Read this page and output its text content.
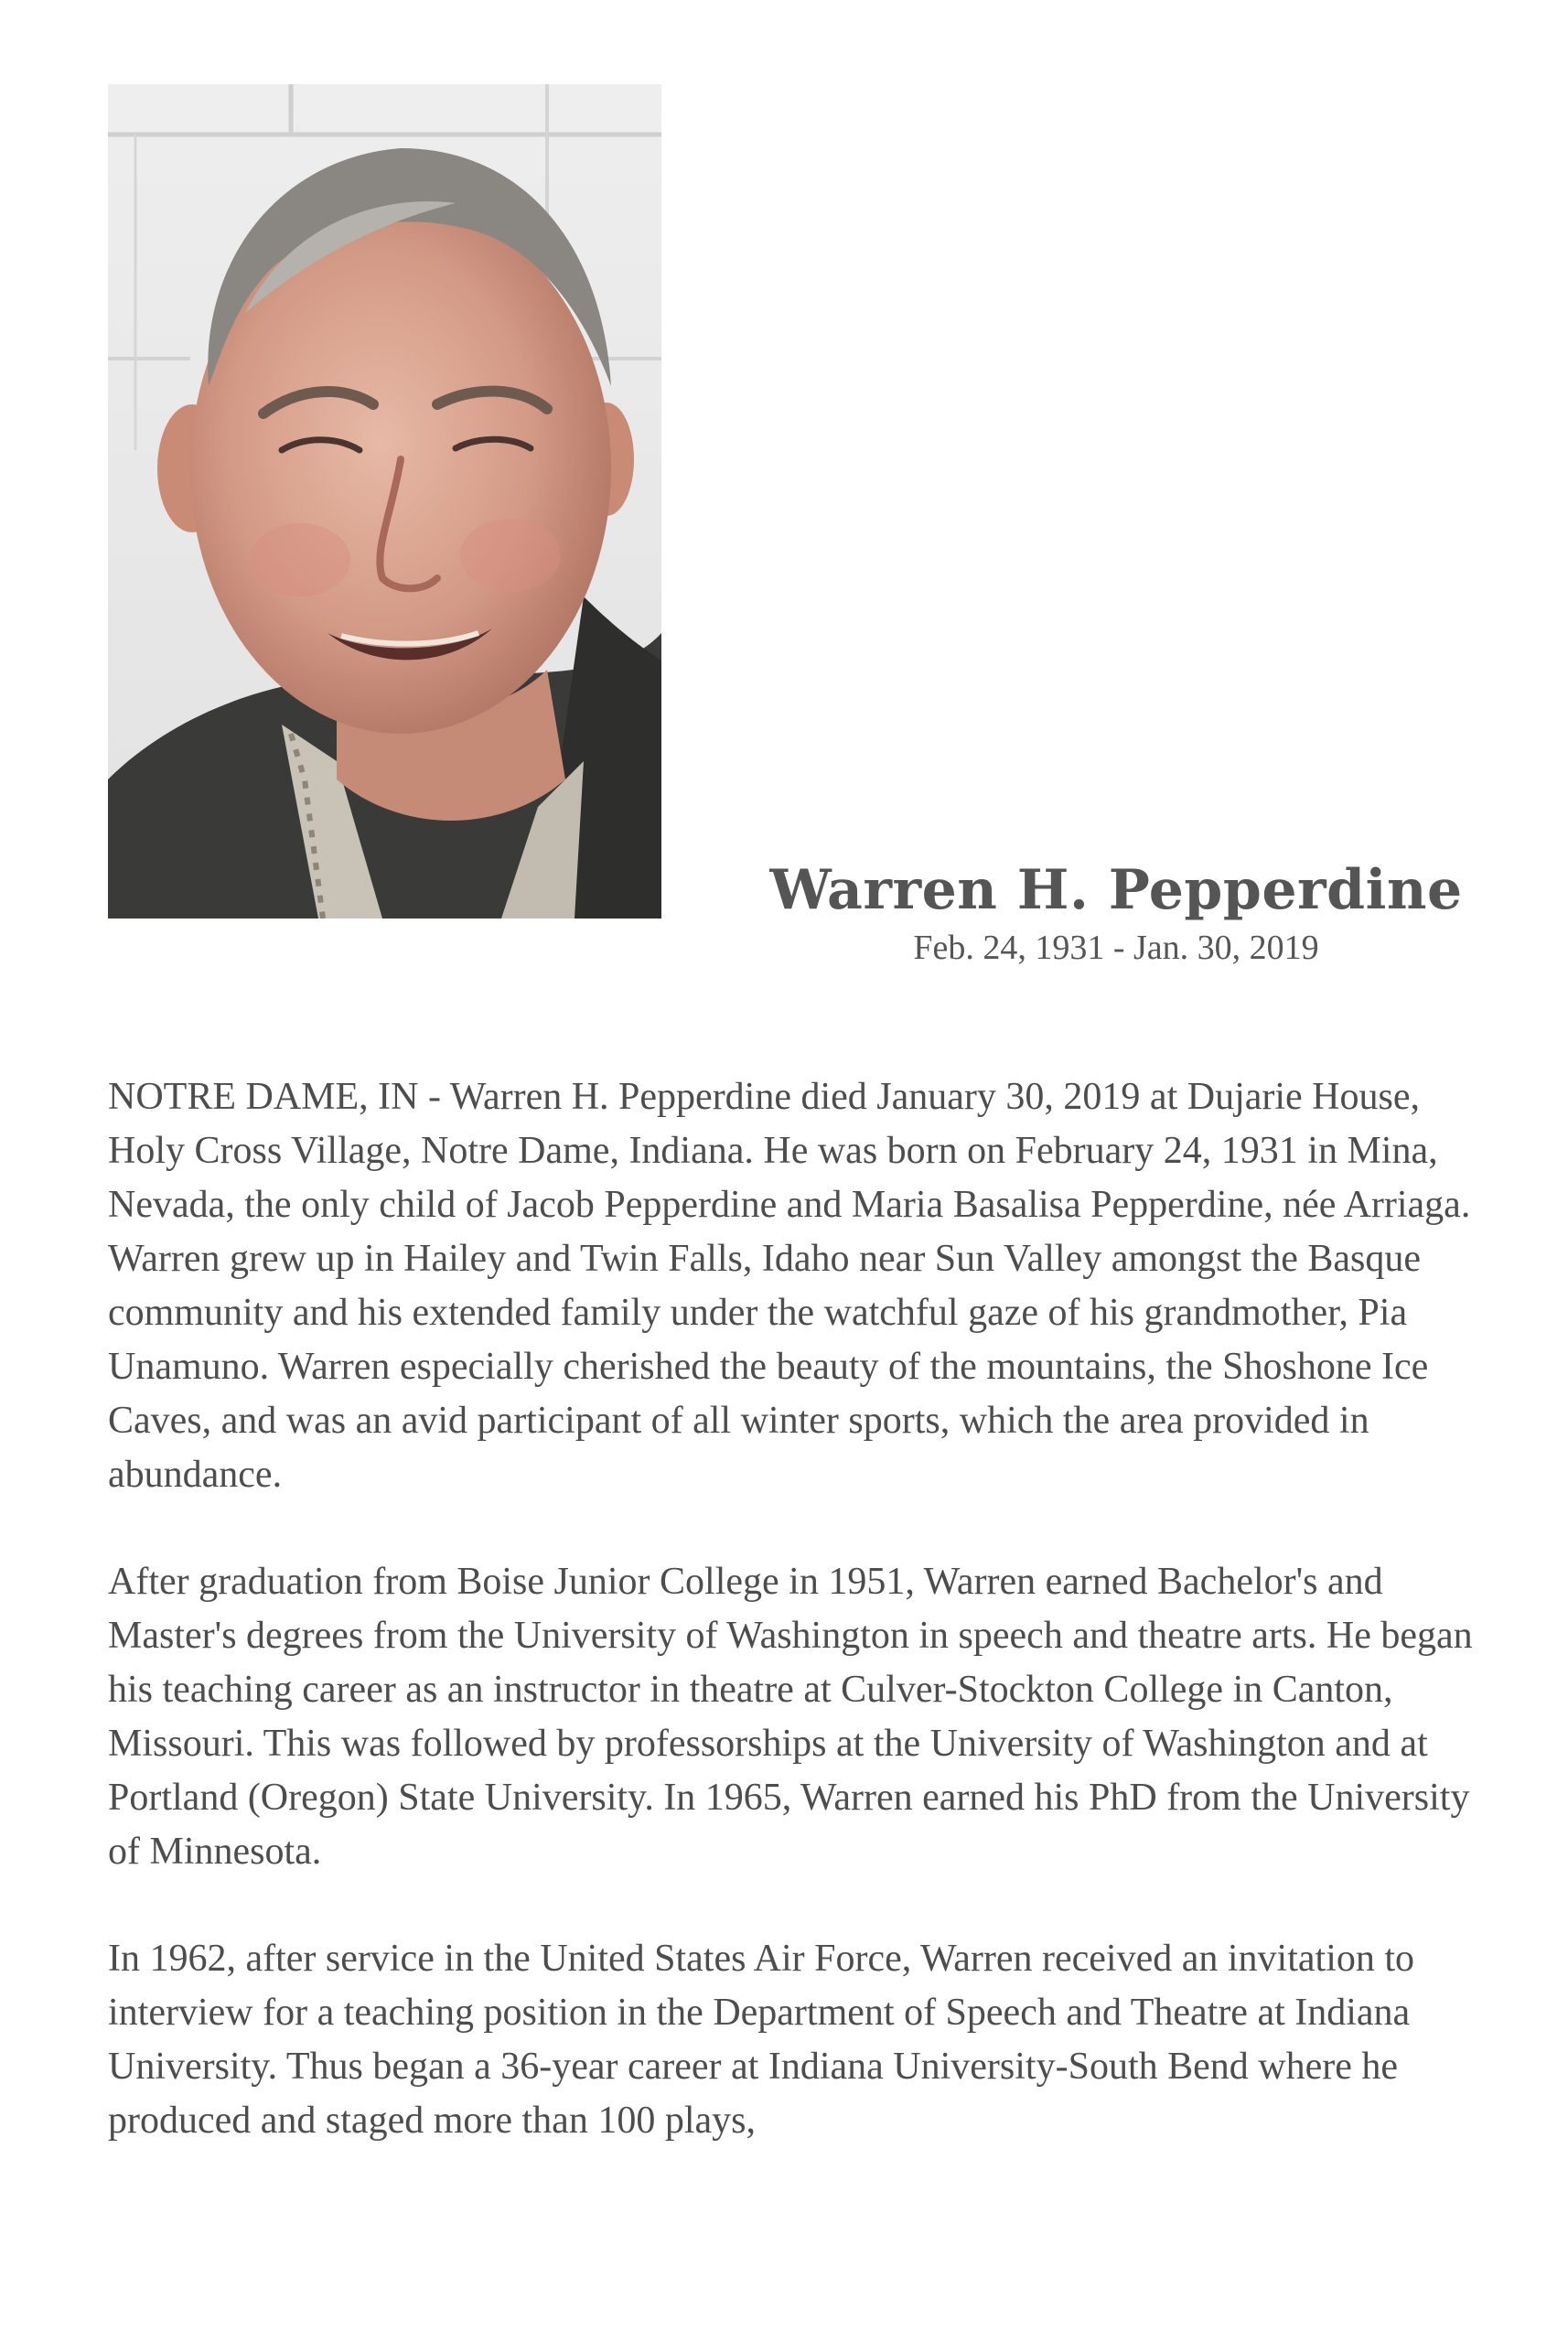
Warren H. Pepperdine
Feb. 24, 1931 - Jan. 30, 2019

NOTRE DAME, IN - Warren H. Pepperdine died January 30, 2019 at Dujarie House, Holy Cross Village, Notre Dame, Indiana. He was born on February 24, 1931 in Mina, Nevada, the only child of Jacob Pepperdine and Maria Basalisa Pepperdine, née Arriaga. Warren grew up in Hailey and Twin Falls, Idaho near Sun Valley amongst the Basque community and his extended family under the watchful gaze of his grandmother, Pia Unamuno. Warren especially cherished the beauty of the mountains, the Shoshone Ice Caves, and was an avid participant of all winter sports, which the area provided in abundance.

After graduation from Boise Junior College in 1951, Warren earned Bachelor's and Master's degrees from the University of Washington in speech and theatre arts. He began his teaching career as an instructor in theatre at Culver-Stockton College in Canton, Missouri. This was followed by professorships at the University of Washington and at Portland (Oregon) State University. In 1965, Warren earned his PhD from the University of Minnesota.

In 1962, after service in the United States Air Force, Warren received an invitation to interview for a teaching position in the Department of Speech and Theatre at Indiana University. Thus began a 36-year career at Indiana University-South Bend where he produced and staged more than 100 plays,
